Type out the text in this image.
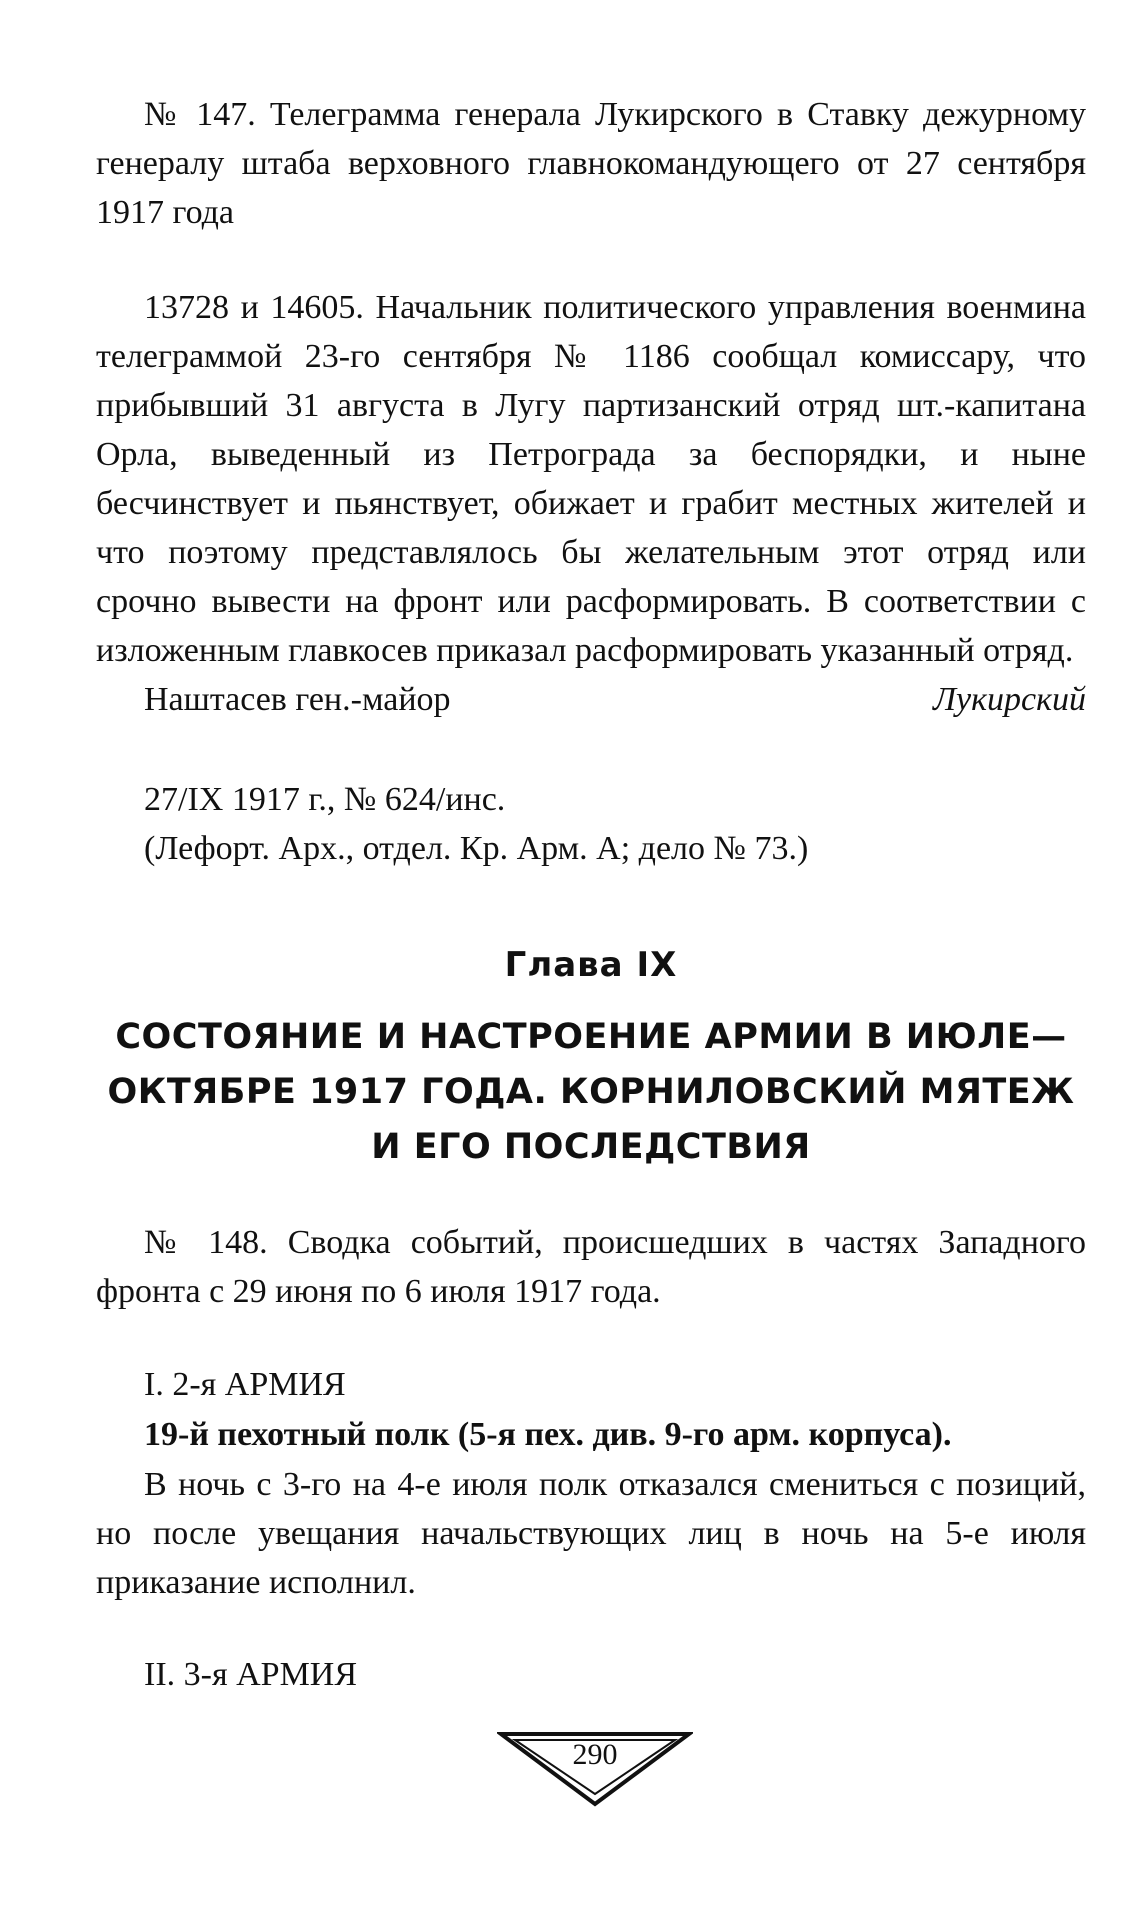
№ 147. Телеграмма генерала Лукирского в Ставку дежурному генералу штаба верховного главнокомандующего от 27 сентября 1917 года

13728 и 14605. Начальник политического управления военмина телеграммой 23-го сентября № 1186 сообщал комиссару, что прибывший 31 августа в Лугу партизанский отряд шт.-капитана Орла, выведенный из Петрограда за беспорядки, и ныне бесчинствует и пьянствует, обижает и грабит местных жителей и что поэтому представлялось бы желательным этот отряд или срочно вывести на фронт или расформировать. В соответствии с изложенным главкосев приказал расформировать указанный отряд.

Наштасев ген.-майор	Лукирский

27/IX 1917 г., № 624/инс.

(Лефорт. Арх., отдел. Кр. Арм. А; дело № 73.)

Глава IX

СОСТОЯНИЕ И НАСТРОЕНИЕ АРМИИ В ИЮЛЕ—

ОКТЯБРЕ 1917 ГОДА. КОРНИЛОВСКИЙ МЯТЕЖ

И ЕГО ПОСЛЕДСТВИЯ

№ 148. Сводка событий, происшедших в частях Западного фронта с 29 июня по 6 июля 1917 года.

I. 2-я АРМИЯ

19-й пехотный полк (5-я пех. див. 9-го арм. корпуса).

В ночь с 3-го на 4-е июля полк отказался смениться с позиций, но после увещания начальствующих лиц в ночь на 5-е июля приказание исполнил.

II. 3-я АРМИЯ

290
